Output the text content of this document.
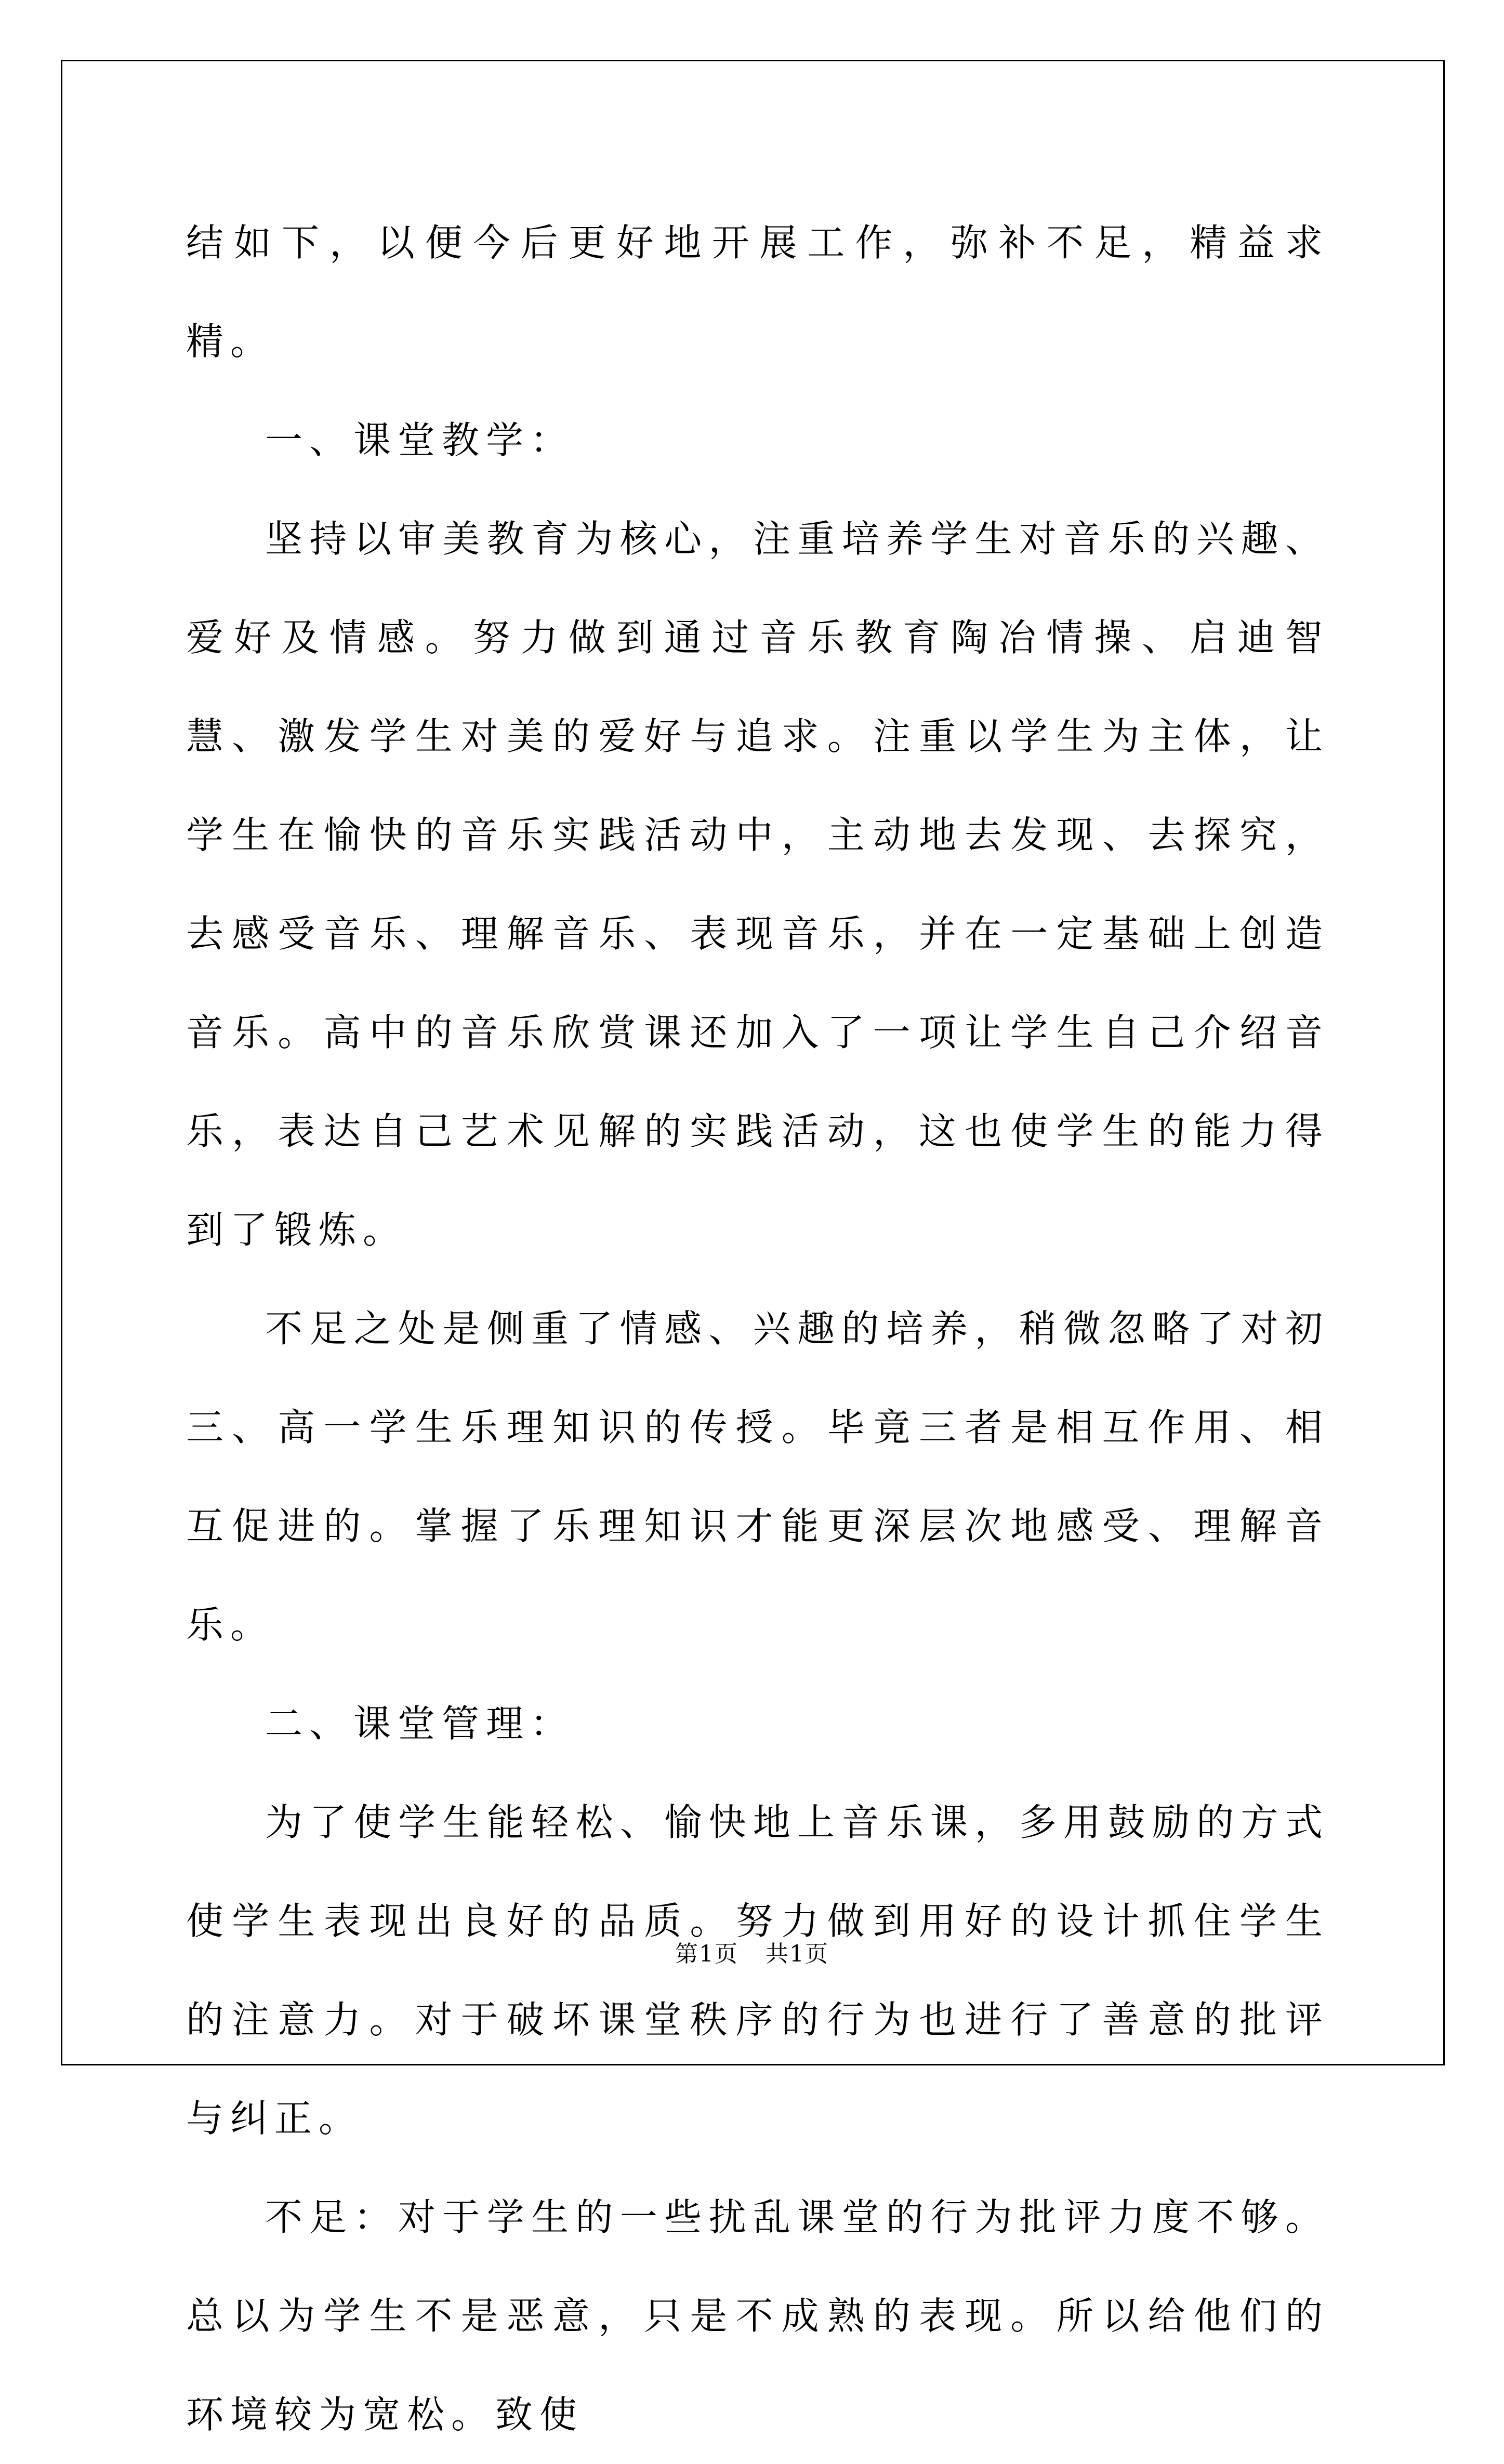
结如下，以便今后更好地开展工作，弥补不足，精益求精。

一、课堂教学：

坚持以审美教育为核心，注重培养学生对音乐的兴趣、爱好及情感。努力做到通过音乐教育陶冶情操、启迪智慧、激发学生对美的爱好与追求。注重以学生为主体，让学生在愉快的音乐实践活动中，主动地去发现、去探究，去感受音乐、理解音乐、表现音乐，并在一定基础上创造音乐。高中的音乐欣赏课还加入了一项让学生自己介绍音乐，表达自己艺术见解的实践活动，这也使学生的能力得到了锻炼。

不足之处是侧重了情感、兴趣的培养，稍微忽略了对初三、高一学生乐理知识的传授。毕竟三者是相互作用、相互促进的。掌握了乐理知识才能更深层次地感受、理解音乐。

二、课堂管理：

为了使学生能轻松、愉快地上音乐课，多用鼓励的方式使学生表现出良好的品质。努力做到用好的设计抓住学生的注意力。对于破坏课堂秩序的行为也进行了善意的批评与纠正。

不足：对于学生的一些扰乱课堂的行为批评力度不够。总以为学生不是恶意，只是不成熟的表现。所以给他们的环境较为宽松。致使

第1页 共1页
